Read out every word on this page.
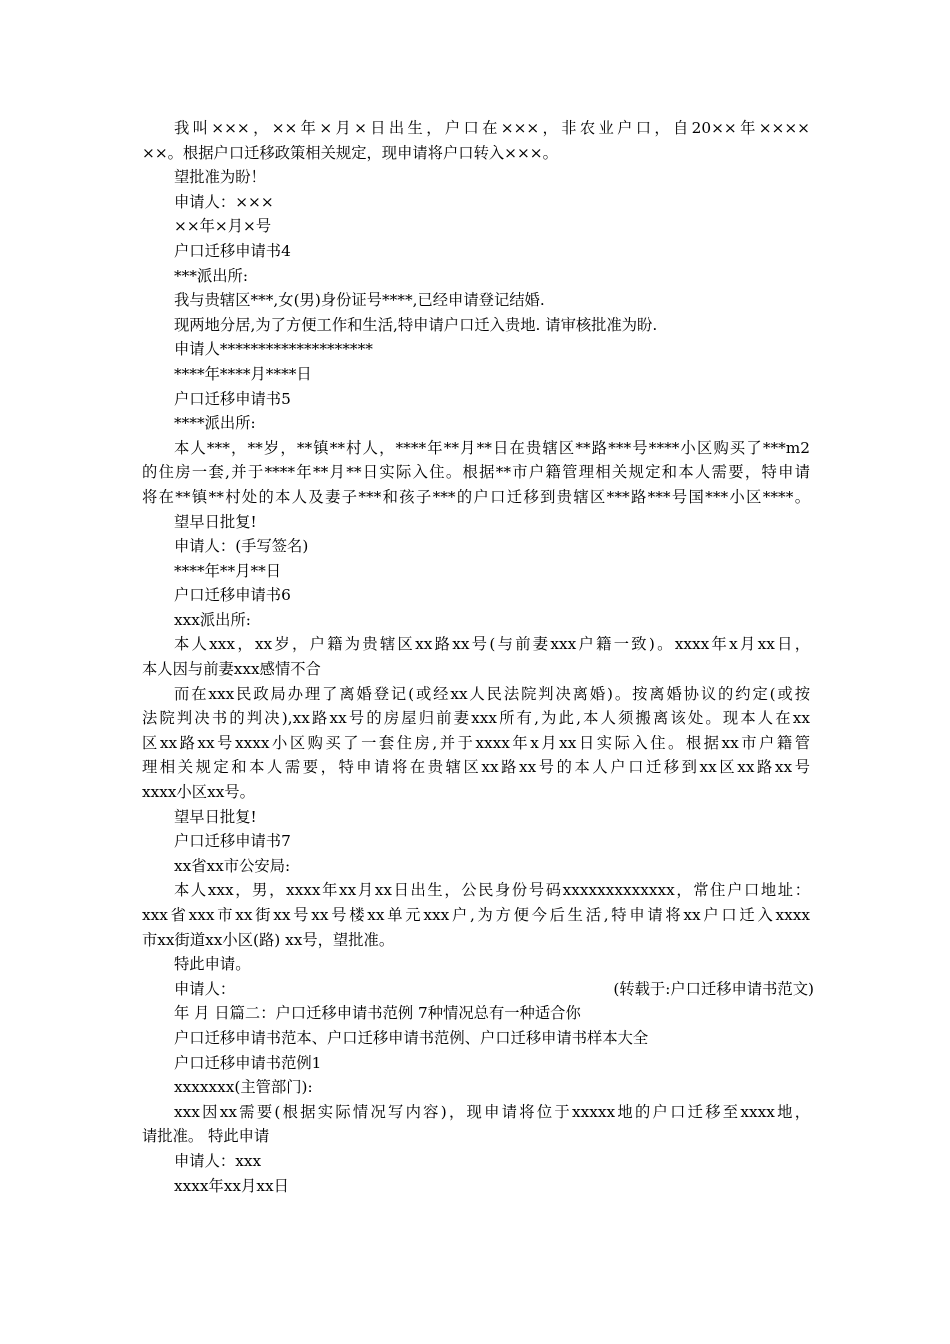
我叫×××，××年×月×日出生，户口在×××，非农业户口，自20××年××××
××。根据户口迁移政策相关规定，现申请将户口转入×××。
望批准为盼！
申请人：×××
××年×月×号
户口迁移申请书4
***派出所:
我与贵辖区***,女(男)身份证号****,已经申请登记结婚.
现两地分居,为了方便工作和生活,特申请户口迁入贵地. 请审核批准为盼.
申请人********************
****年****月****日
户口迁移申请书5
****派出所:
本人***，**岁，**镇**村人，****年**月**日在贵辖区**路***号****小区购买了***m2
的住房一套,并于****年**月**日实际入住。根据**市户籍管理相关规定和本人需要，特申请
将在**镇**村处的本人及妻子***和孩子***的户口迁移到贵辖区***路***号国***小区****。
望早日批复!
申请人：(手写签名)
****年**月**日
户口迁移申请书6
xxx派出所:
本人xxx，xx岁，户籍为贵辖区xx路xx号(与前妻xxx户籍一致)。xxxx年x月xx日，
本人因与前妻xxx感情不合
而在xxx民政局办理了离婚登记(或经xx人民法院判决离婚)。按离婚协议的约定(或按
法院判决书的判决),xx路xx号的房屋归前妻xxx所有,为此,本人须搬离该处。现本人在xx
区xx路xx号xxxx小区购买了一套住房,并于xxxx年x月xx日实际入住。根据xx市户籍管
理相关规定和本人需要，特申请将在贵辖区xx路xx号的本人户口迁移到xx区xx路xx号
xxxx小区xx号。
望早日批复!
户口迁移申请书7
xx省xx市公安局:
本人xxx，男，xxxx年xx月xx日出生，公民身份号码xxxxxxxxxxxxx，常住户口地址：
xxx省xxx市xx街xx号xx号楼xx单元xxx户,为方便今后生活,特申请将xx户口迁入xxxx
市xx街道xx小区(路) xx号，望批准。
特此申请。
申请人：	(转载于:户口迁移申请书范文)
年 月 日篇二：户口迁移申请书范例 7种情况总有一种适合你
户口迁移申请书范本、户口迁移申请书范例、户口迁移申请书样本大全
户口迁移申请书范例1
xxxxxxx(主管部门):
xxx因xx需要(根据实际情况写内容)，现申请将位于xxxxx地的户口迁移至xxxx地，
请批准。 特此申请
申请人：xxx
xxxx年xx月xx日
